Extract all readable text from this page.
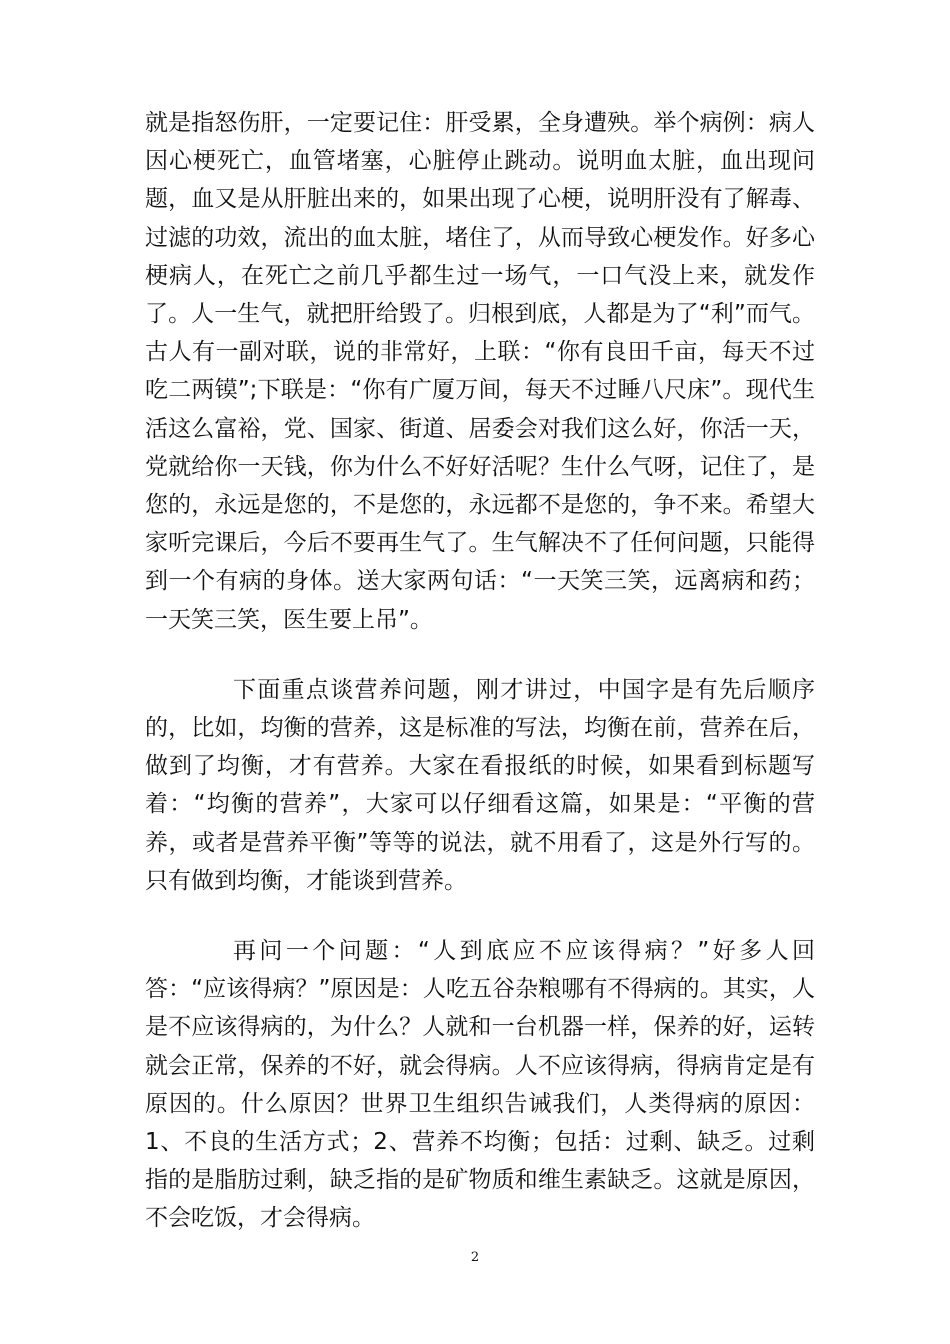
就是指怒伤肝，一定要记住：肝受累，全身遭殃。举个病例：病人因心梗死亡，血管堵塞，心脏停止跳动。说明血太脏，血出现问题，血又是从肝脏出来的，如果出现了心梗，说明肝没有了解毒、过滤的功效，流出的血太脏，堵住了，从而导致心梗发作。好多心梗病人，在死亡之前几乎都生过一场气，一口气没上来，就发作了。人一生气，就把肝给毁了。归根到底，人都是为了“利”而气。古人有一副对联，说的非常好，上联：“你有良田千亩，每天不过吃二两镆”;下联是：“你有广厦万间，每天不过睡八尺床”。现代生活这么富裕，党、国家、街道、居委会对我们这么好，你活一天，党就给你一天钱，你为什么不好好活呢？生什么气呀，记住了，是您的，永远是您的，不是您的，永远都不是您的，争不来。希望大家听完课后，今后不要再生气了。生气解决不了任何问题，只能得到一个有病的身体。送大家两句话：“一天笑三笑，远离病和药；一天笑三笑，医生要上吊”。

下面重点谈营养问题，刚才讲过，中国字是有先后顺序的，比如，均衡的营养，这是标准的写法，均衡在前，营养在后，做到了均衡，才有营养。大家在看报纸的时候，如果看到标题写着：“均衡的营养”，大家可以仔细看这篇，如果是：“平衡的营养，或者是营养平衡”等等的说法，就不用看了，这是外行写的。只有做到均衡，才能谈到营养。

再问一个问题：“人到底应不应该得病？”好多人回答：“应该得病？”原因是：人吃五谷杂粮哪有不得病的。其实，人是不应该得病的，为什么？人就和一台机器一样，保养的好，运转就会正常，保养的不好，就会得病。人不应该得病，得病肯定是有原因的。什么原因？世界卫生组织告诫我们，人类得病的原因：1、不良的生活方式；2、营养不均衡；包括：过剩、缺乏。过剩指的是脂肪过剩，缺乏指的是矿物质和维生素缺乏。这就是原因，不会吃饭，才会得病。

2
